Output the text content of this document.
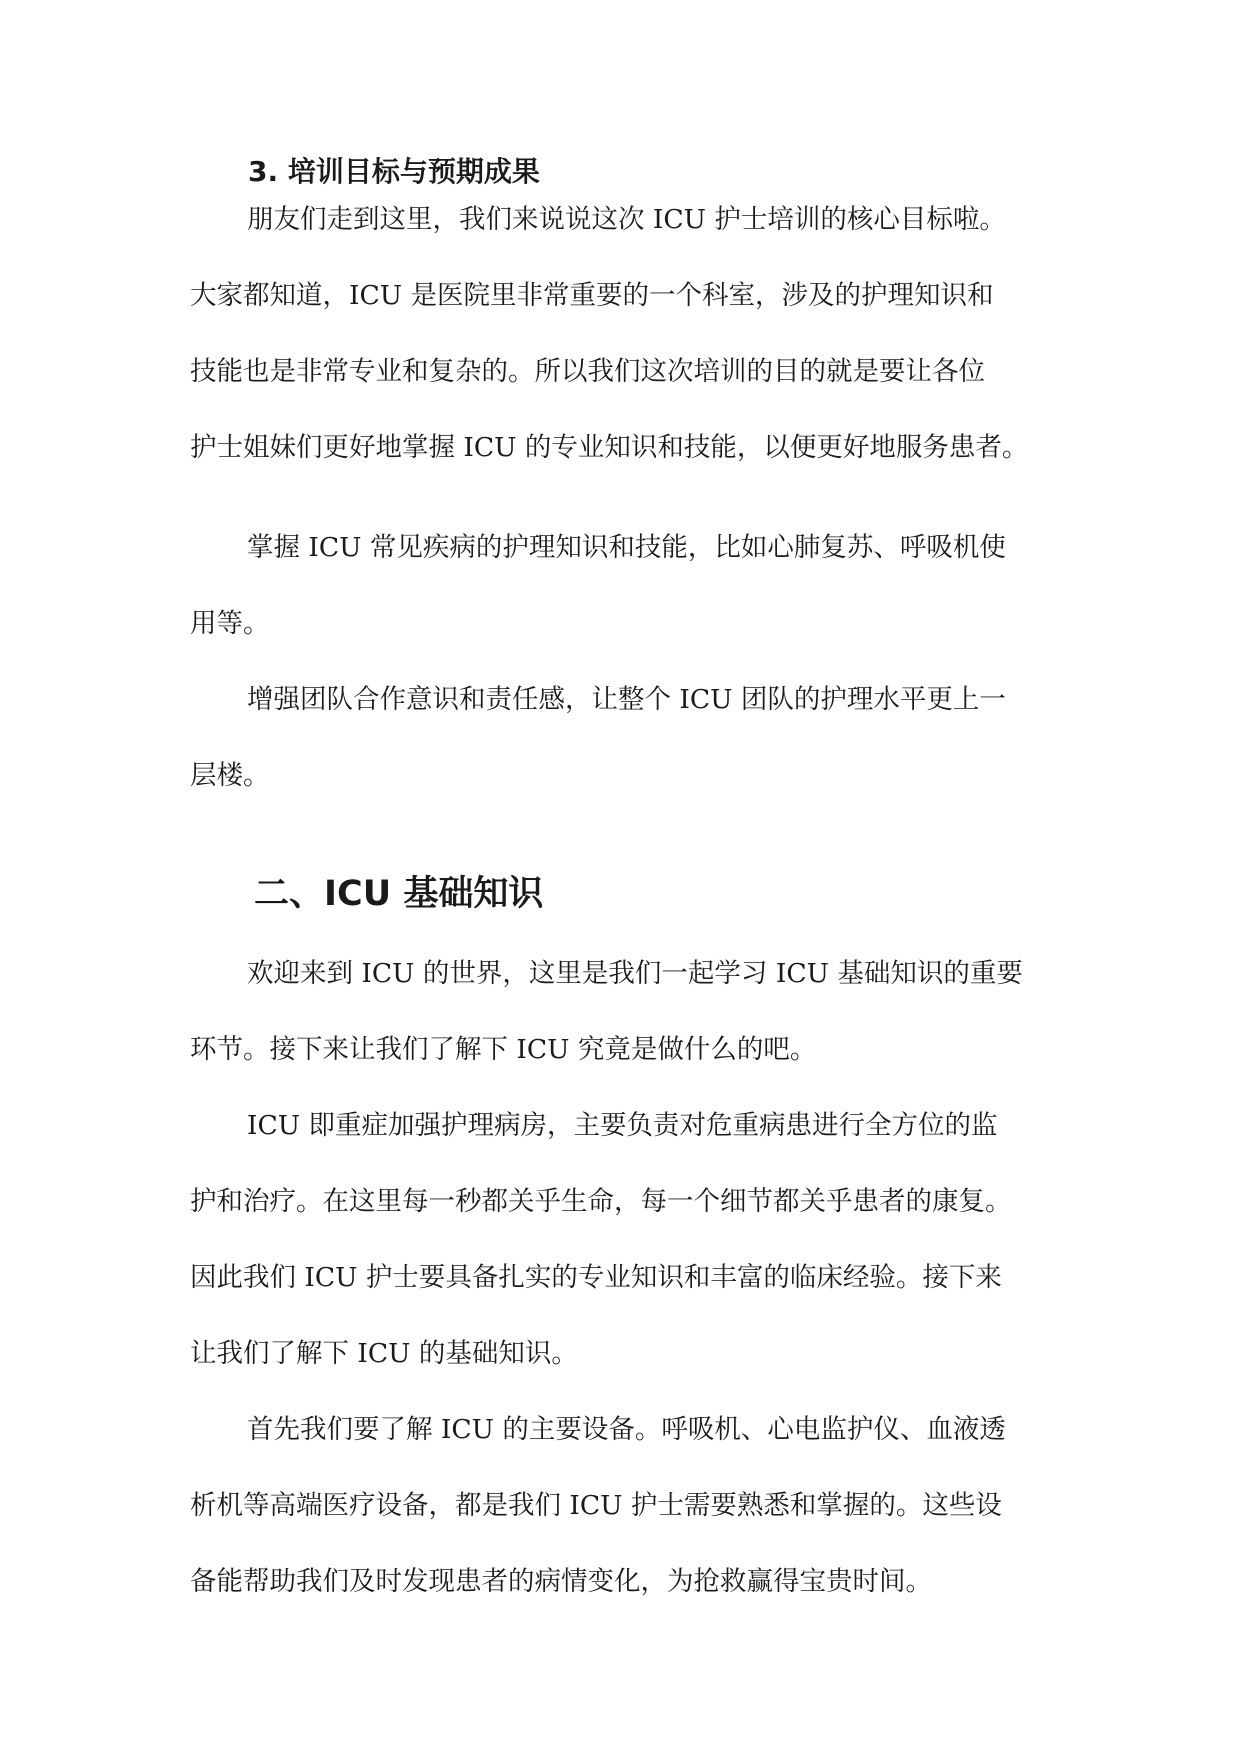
3. 培训目标与预期成果
朋友们走到这里，我们来说说这次 ICU 护士培训的核心目标啦。
大家都知道，ICU 是医院里非常重要的一个科室，涉及的护理知识和
技能也是非常专业和复杂的。所以我们这次培训的目的就是要让各位
护士姐妹们更好地掌握 ICU 的专业知识和技能，以便更好地服务患者。
掌握 ICU 常见疾病的护理知识和技能，比如心肺复苏、呼吸机使
用等。
增强团队合作意识和责任感，让整个 ICU 团队的护理水平更上一
层楼。
二、ICU 基础知识
欢迎来到 ICU 的世界，这里是我们一起学习 ICU 基础知识的重要
环节。接下来让我们了解下 ICU 究竟是做什么的吧。
ICU 即重症加强护理病房，主要负责对危重病患进行全方位的监
护和治疗。在这里每一秒都关乎生命，每一个细节都关乎患者的康复。
因此我们 ICU 护士要具备扎实的专业知识和丰富的临床经验。接下来
让我们了解下 ICU 的基础知识。
首先我们要了解 ICU 的主要设备。呼吸机、心电监护仪、血液透
析机等高端医疗设备，都是我们 ICU 护士需要熟悉和掌握的。这些设
备能帮助我们及时发现患者的病情变化，为抢救赢得宝贵时间。
